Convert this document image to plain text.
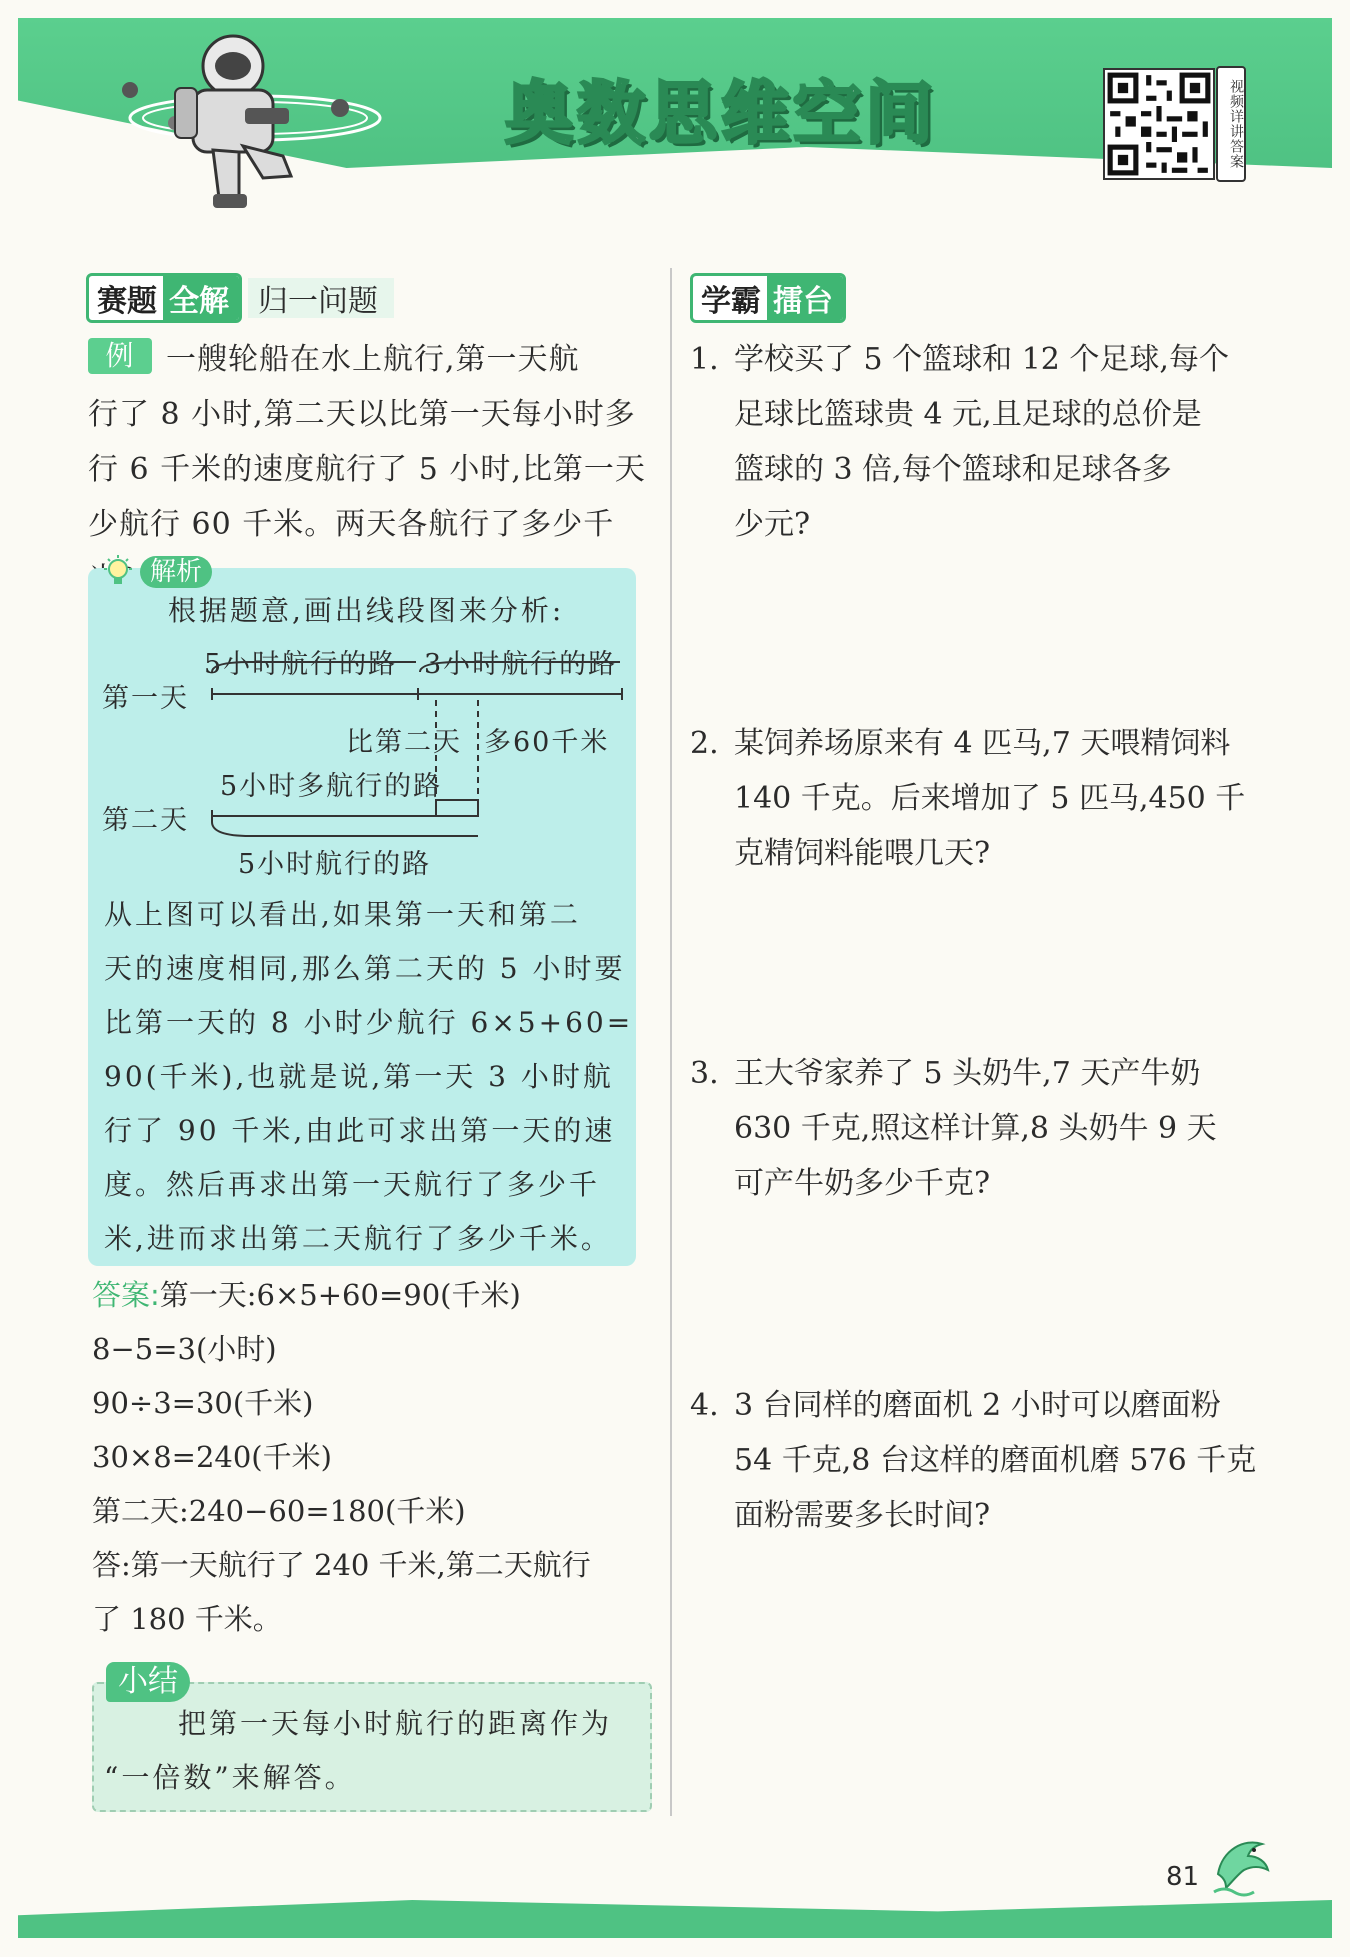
奥数思维空间	视频详讲答案
赛题 全解 归一问题
例 一艘轮船在水上航行,第一天航
行了 8 小时,第二天以比第一天每小时多
行 6 千米的速度航行了 5 小时,比第一天
少航行 60 千米。两天各航行了多少千
解析
根据题意,画出线段图来分析:
5小时航行的路 3小时航行的路
第一天
比第二天 多60千米
5小时多航行的路
第二天
5小时航行的路
从上图可以看出,如果第一天和第二
天的速度相同,那么第二天的 5 小时要
比第一天的 8 小时少航行 6×5+60=
90(千米),也就是说,第一天 3 小时航
行了 90 千米,由此可求出第一天的速
度。然后再求出第一天航行了多少千
米,进而求出第二天航行了多少千米。
答案:第一天:6×5+60=90(千米)
8−5=3(小时)
90÷3=30(千米)
30×8=240(千米)
第二天:240−60=180(千米)
答:第一天航行了 240 千米,第二天航行
了 180 千米。
小结
把第一天每小时航行的距离作为
“一倍数”来解答。
学霸 擂台
1. 学校买了 5 个篮球和 12 个足球,每个
足球比篮球贵 4 元,且足球的总价是
篮球的 3 倍,每个篮球和足球各多
少元?
2. 某饲养场原来有 4 匹马,7 天喂精饲料
140 千克。后来增加了 5 匹马,450 千
克精饲料能喂几天?
3. 王大爷家养了 5 头奶牛,7 天产牛奶
630 千克,照这样计算,8 头奶牛 9 天
可产牛奶多少千克?
4. 3 台同样的磨面机 2 小时可以磨面粉
54 千克,8 台这样的磨面机磨 576 千克
面粉需要多长时间?
81
